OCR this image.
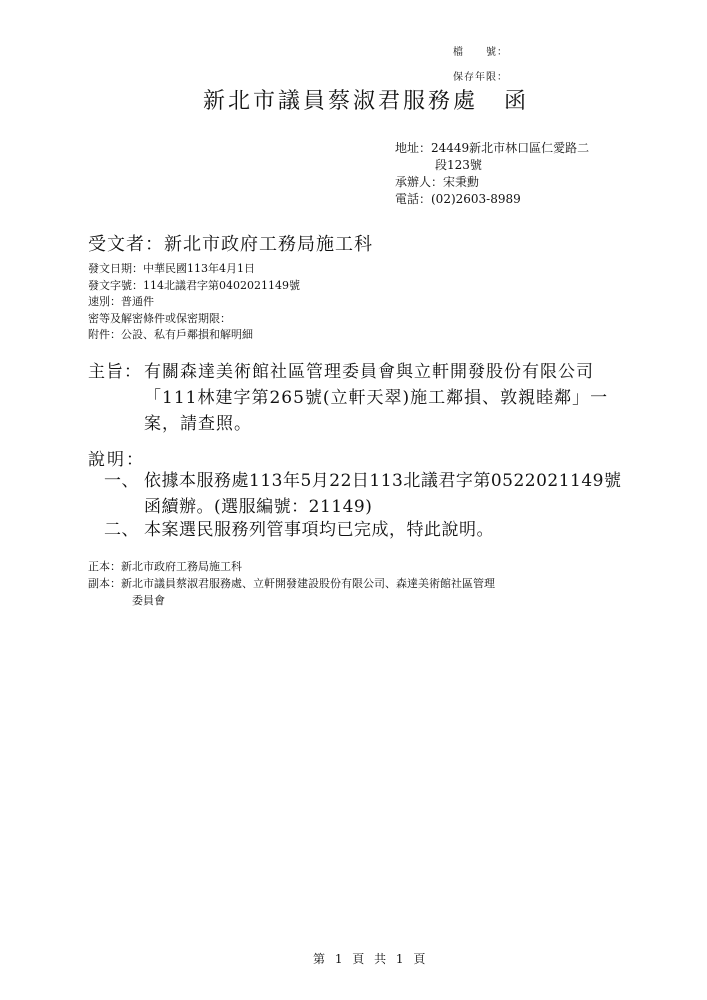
檔　　號：
保存年限：
新北市議員蔡淑君服務處 函
地址：24449新北市林口區仁愛路二
段123號
承辦人：宋秉勳
電話：(02)2603-8989
受文者：新北市政府工務局施工科
發文日期：中華民國113年4月1日
發文字號：114北議君字第0402021149號
速別：普通件
密等及解密條件或保密期限：
附件：公設、私有戶鄰損和解明細
主旨： 有關森達美術館社區管理委員會與立軒開發股份有限公司
「111林建字第265號(立軒天翠)施工鄰損、敦親睦鄰」一
案，請查照。
說明：
一、 依據本服務處113年5月22日113北議君字第0522021149號
函續辦。(選服編號：21149)
二、 本案選民服務列管事項均已完成，特此說明。
正本：新北市政府工務局施工科
副本：新北市議員蔡淑君服務處、立軒開發建設股份有限公司、森達美術館社區管理
委員會
第 1 頁 共 1 頁
